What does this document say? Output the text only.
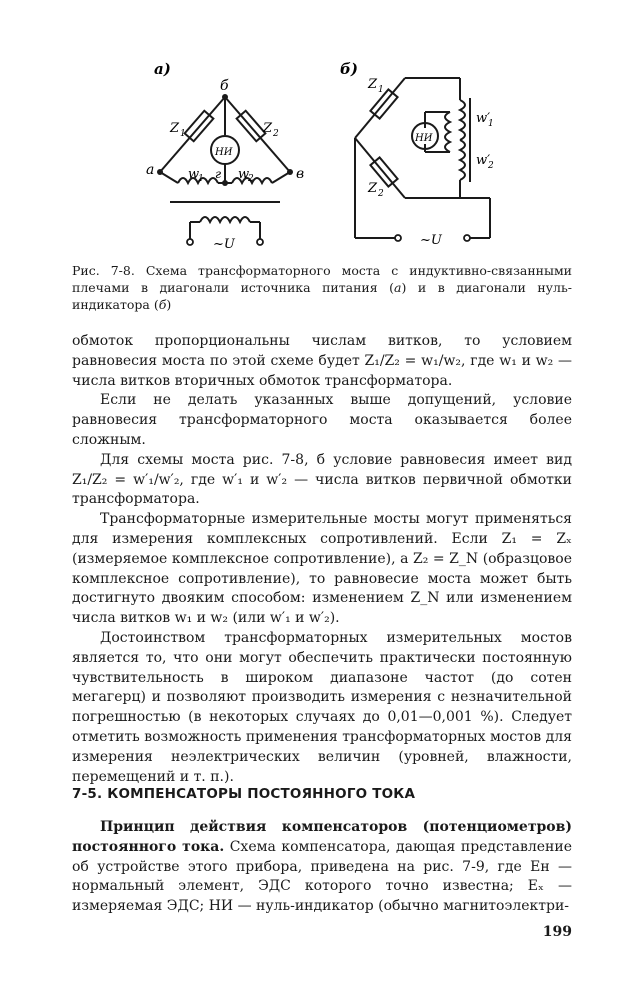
а)
б
а	в
г
Z 1	Z 2
w
1	w
2
НИ
~U
б)
Z 1
Z 2
w′
1
w′
2
НИ
~U
Рис. 7-8. Схема трансформаторного моста с индуктивно-связанными плечами в диагонали источника питания (а) и в диагонали нуль-индикатора (б)

обмоток пропорциональны числам витков, то условием равновесия моста по этой схеме будет Z₁/Z₂ = w₁/w₂, где w₁ и w₂ — числа витков вторичных обмоток трансформатора.

Если не делать указанных выше допущений, условие равновесия трансформаторного моста оказывается более сложным.

Для схемы моста рис. 7-8, б условие равновесия имеет вид Z₁/Z₂ = w′₁/w′₂, где w′₁ и w′₂ — числа витков первичной обмотки трансформатора.

Трансформаторные измерительные мосты могут применяться для измерения комплексных сопротивлений. Если Z₁ = Zₓ (измеряемое комплексное сопротивление), а Z₂ = Z_N (образцовое комплексное сопротивление), то равновесие моста может быть достигнуто двояким способом: изменением Z_N или изменением числа витков w₁ и w₂ (или w′₁ и w′₂).

Достоинством трансформаторных измерительных мостов является то, что они могут обеспечить практически постоянную чувствительность в широком диапазоне частот (до сотен мегагерц) и позволяют производить измерения с незначительной погрешностью (в некоторых случаях до 0,01—0,001 %). Следует отметить возможность применения трансформаторных мостов для измерения неэлектрических величин (уровней, влажности, перемещений и т. п.).

7-5. КОМПЕНСАТОРЫ ПОСТОЯННОГО ТОКА

Принцип действия компенсаторов (потенциометров) постоянного тока. Схема компенсатора, дающая представление об устройстве этого прибора, приведена на рис. 7-9, где Eн — нормальный элемент, ЭДС которого точно известна; Eₓ — измеряемая ЭДС; НИ — нуль-индикатор (обычно магнитоэлектри-

199
